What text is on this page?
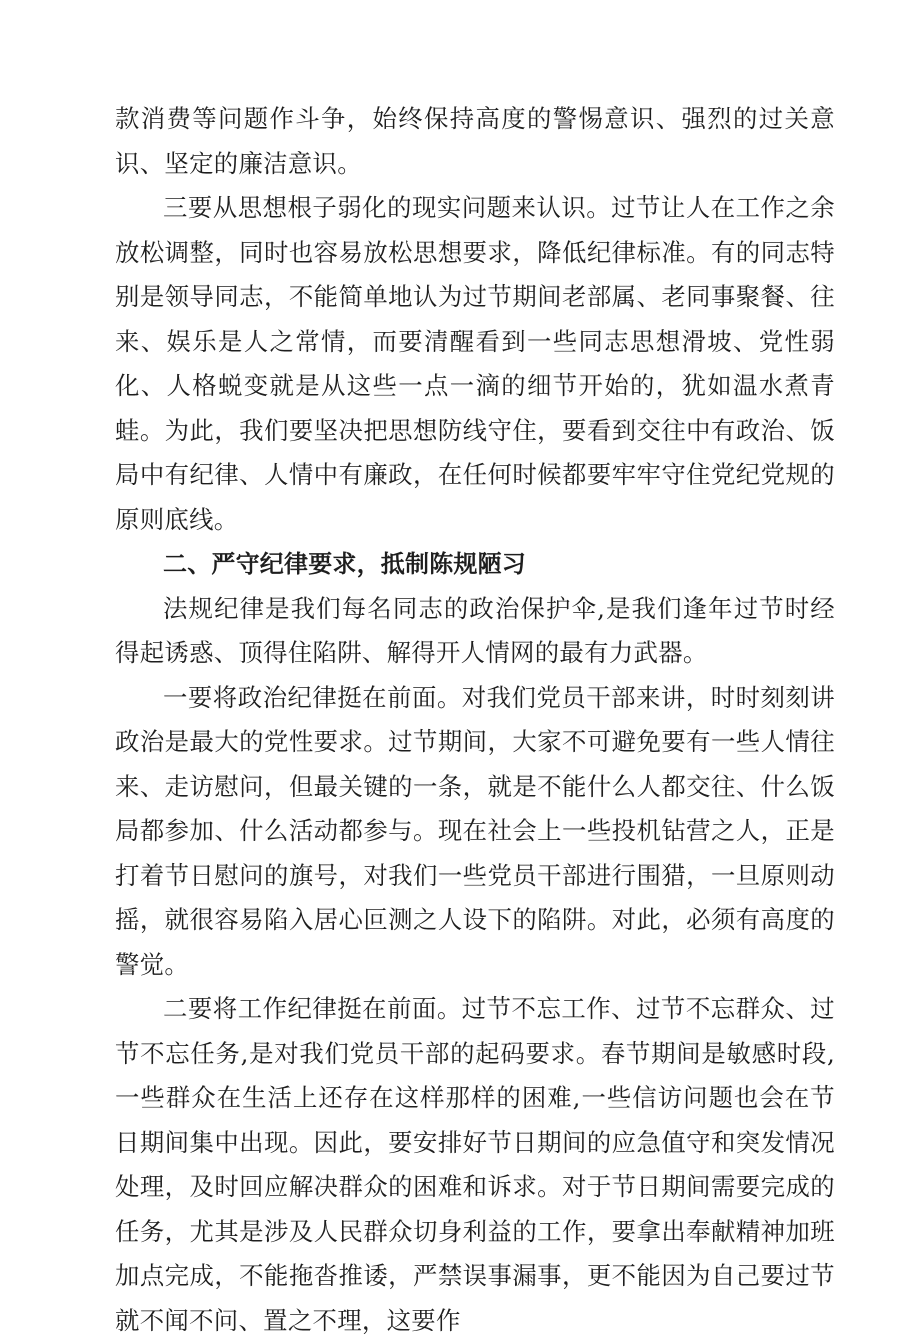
款消费等问题作斗争，始终保持高度的警惕意识、强烈的过关意识、坚定的廉洁意识。

三要从思想根子弱化的现实问题来认识。过节让人在工作之余放松调整，同时也容易放松思想要求，降低纪律标准。有的同志特别是领导同志，不能简单地认为过节期间老部属、老同事聚餐、往来、娱乐是人之常情，而要清醒看到一些同志思想滑坡、党性弱化、人格蜕变就是从这些一点一滴的细节开始的，犹如温水煮青蛙。为此，我们要坚决把思想防线守住，要看到交往中有政治、饭局中有纪律、人情中有廉政，在任何时候都要牢牢守住党纪党规的原则底线。

二、严守纪律要求，抵制陈规陋习

法规纪律是我们每名同志的政治保护伞,是我们逢年过节时经得起诱惑、顶得住陷阱、解得开人情网的最有力武器。

一要将政治纪律挺在前面。对我们党员干部来讲，时时刻刻讲政治是最大的党性要求。过节期间，大家不可避免要有一些人情往来、走访慰问，但最关键的一条，就是不能什么人都交往、什么饭局都参加、什么活动都参与。现在社会上一些投机钻营之人，正是打着节日慰问的旗号，对我们一些党员干部进行围猎，一旦原则动摇，就很容易陷入居心叵测之人设下的陷阱。对此，必须有高度的警觉。

二要将工作纪律挺在前面。过节不忘工作、过节不忘群众、过节不忘任务,是对我们党员干部的起码要求。春节期间是敏感时段,一些群众在生活上还存在这样那样的困难,一些信访问题也会在节日期间集中出现。因此，要安排好节日期间的应急值守和突发情况处理，及时回应解决群众的困难和诉求。对于节日期间需要完成的任务，尤其是涉及人民群众切身利益的工作，要拿出奉献精神加班加点完成，不能拖沓推诿，严禁误事漏事，更不能因为自己要过节就不闻不问、置之不理，这要作
